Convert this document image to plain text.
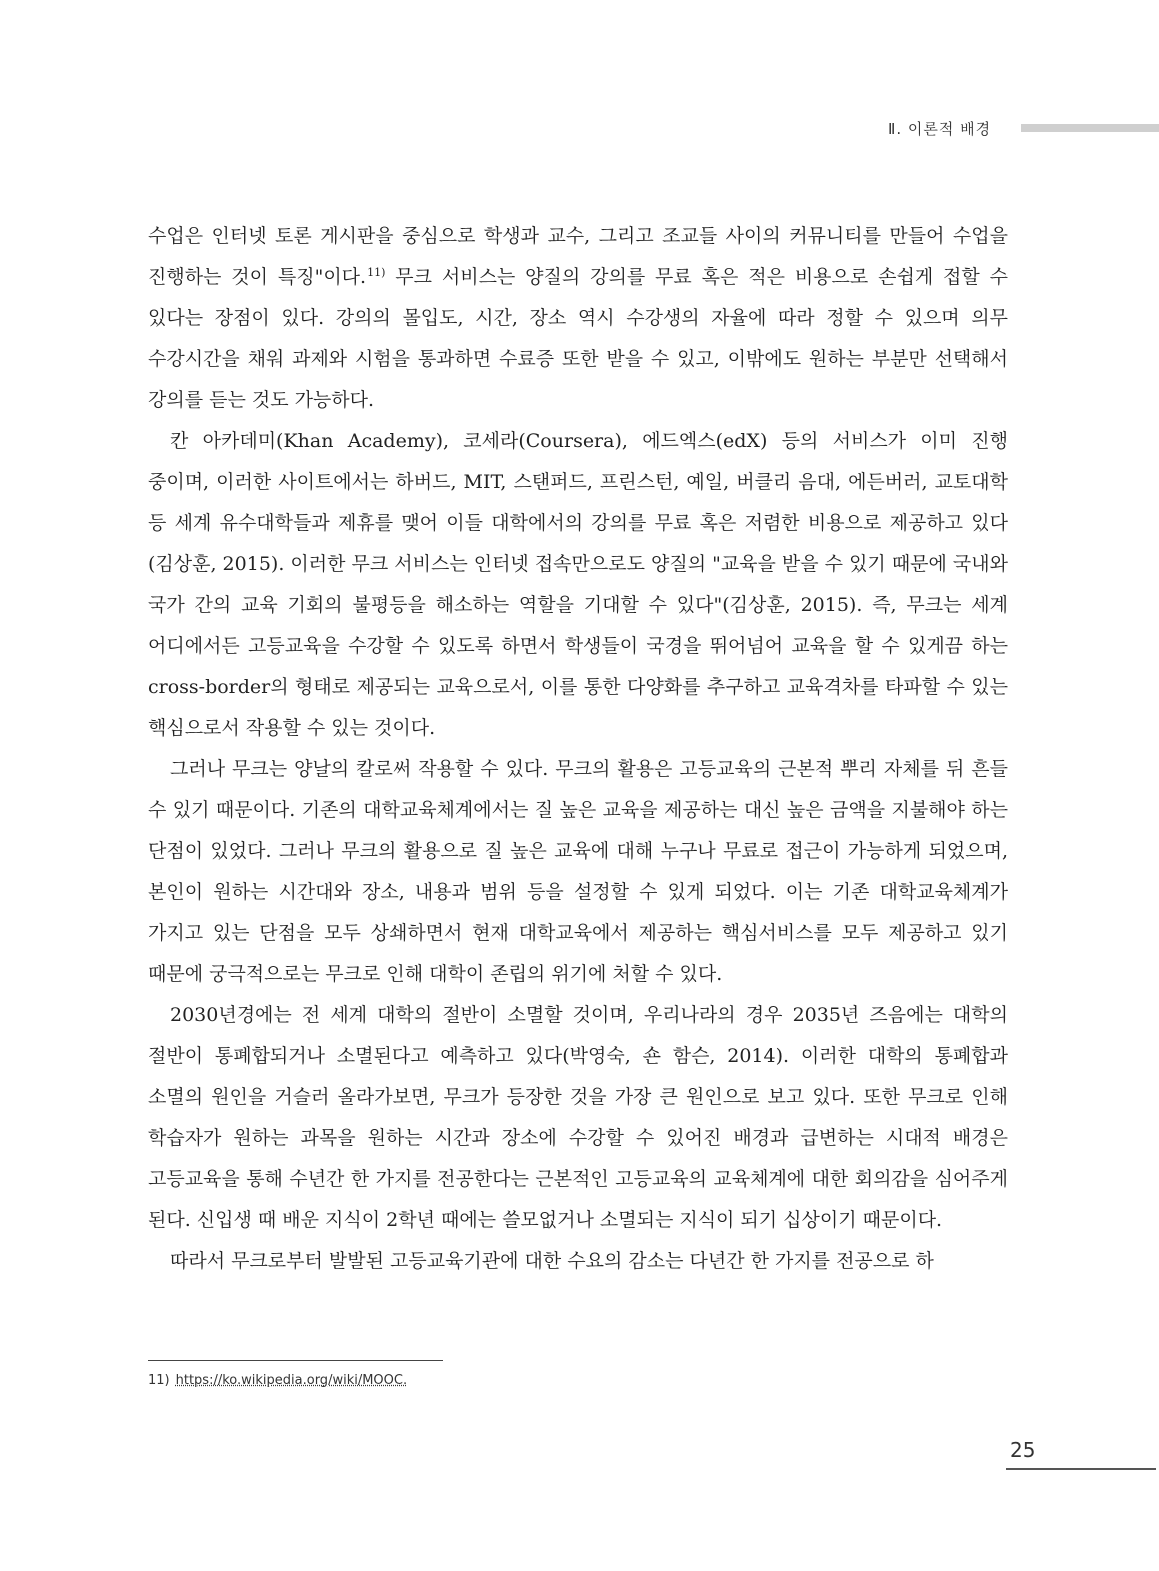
Ⅱ. 이론적 배경

수업은 인터넷 토론 게시판을 중심으로 학생과 교수, 그리고 조교들 사이의 커뮤니티를 만들어 수업을 진행하는 것이 특징"이다.$^{11)}$ 무크 서비스는 양질의 강의를 무료 혹은 적은 비용으로 손쉽게 접할 수 있다는 장점이 있다. 강의의 몰입도, 시간, 장소 역시 수강생의 자율에 따라 정할 수 있으며 의무 수강시간을 채워 과제와 시험을 통과하면 수료증 또한 받을 수 있고, 이밖에도 원하는 부분만 선택해서 강의를 듣는 것도 가능하다.

칸 아카데미(Khan Academy), 코세라(Coursera), 에드엑스(edX) 등의 서비스가 이미 진행 중이며, 이러한 사이트에서는 하버드, MIT, 스탠퍼드, 프린스턴, 예일, 버클리 음대, 에든버러, 교토대학 등 세계 유수대학들과 제휴를 맺어 이들 대학에서의 강의를 무료 혹은 저렴한 비용으로 제공하고 있다(김상훈, 2015). 이러한 무크 서비스는 인터넷 접속만으로도 양질의 "교육을 받을 수 있기 때문에 국내와 국가 간의 교육 기회의 불평등을 해소하는 역할을 기대할 수 있다"(김상훈, 2015). 즉, 무크는 세계 어디에서든 고등교육을 수강할 수 있도록 하면서 학생들이 국경을 뛰어넘어 교육을 할 수 있게끔 하는 cross-border의 형태로 제공되는 교육으로서, 이를 통한 다양화를 추구하고 교육격차를 타파할 수 있는 핵심으로서 작용할 수 있는 것이다.

그러나 무크는 양날의 칼로써 작용할 수 있다. 무크의 활용은 고등교육의 근본적 뿌리 자체를 뒤 흔들 수 있기 때문이다. 기존의 대학교육체계에서는 질 높은 교육을 제공하는 대신 높은 금액을 지불해야 하는 단점이 있었다. 그러나 무크의 활용으로 질 높은 교육에 대해 누구나 무료로 접근이 가능하게 되었으며, 본인이 원하는 시간대와 장소, 내용과 범위 등을 설정할 수 있게 되었다. 이는 기존 대학교육체계가 가지고 있는 단점을 모두 상쇄하면서 현재 대학교육에서 제공하는 핵심서비스를 모두 제공하고 있기 때문에 궁극적으로는 무크로 인해 대학이 존립의 위기에 처할 수 있다.

2030년경에는 전 세계 대학의 절반이 소멸할 것이며, 우리나라의 경우 2035년 즈음에는 대학의 절반이 통폐합되거나 소멸된다고 예측하고 있다(박영숙, 숀 함슨, 2014). 이러한 대학의 통폐합과 소멸의 원인을 거슬러 올라가보면, 무크가 등장한 것을 가장 큰 원인으로 보고 있다. 또한 무크로 인해 학습자가 원하는 과목을 원하는 시간과 장소에 수강할 수 있어진 배경과 급변하는 시대적 배경은 고등교육을 통해 수년간 한 가지를 전공한다는 근본적인 고등교육의 교육체계에 대한 회의감을 심어주게 된다. 신입생 때 배운 지식이 2학년 때에는 쓸모없거나 소멸되는 지식이 되기 십상이기 때문이다.

따라서 무크로부터 발발된 고등교육기관에 대한 수요의 감소는 다년간 한 가지를 전공으로 하

11) https://ko.wikipedia.org/wiki/MOOC.
25
